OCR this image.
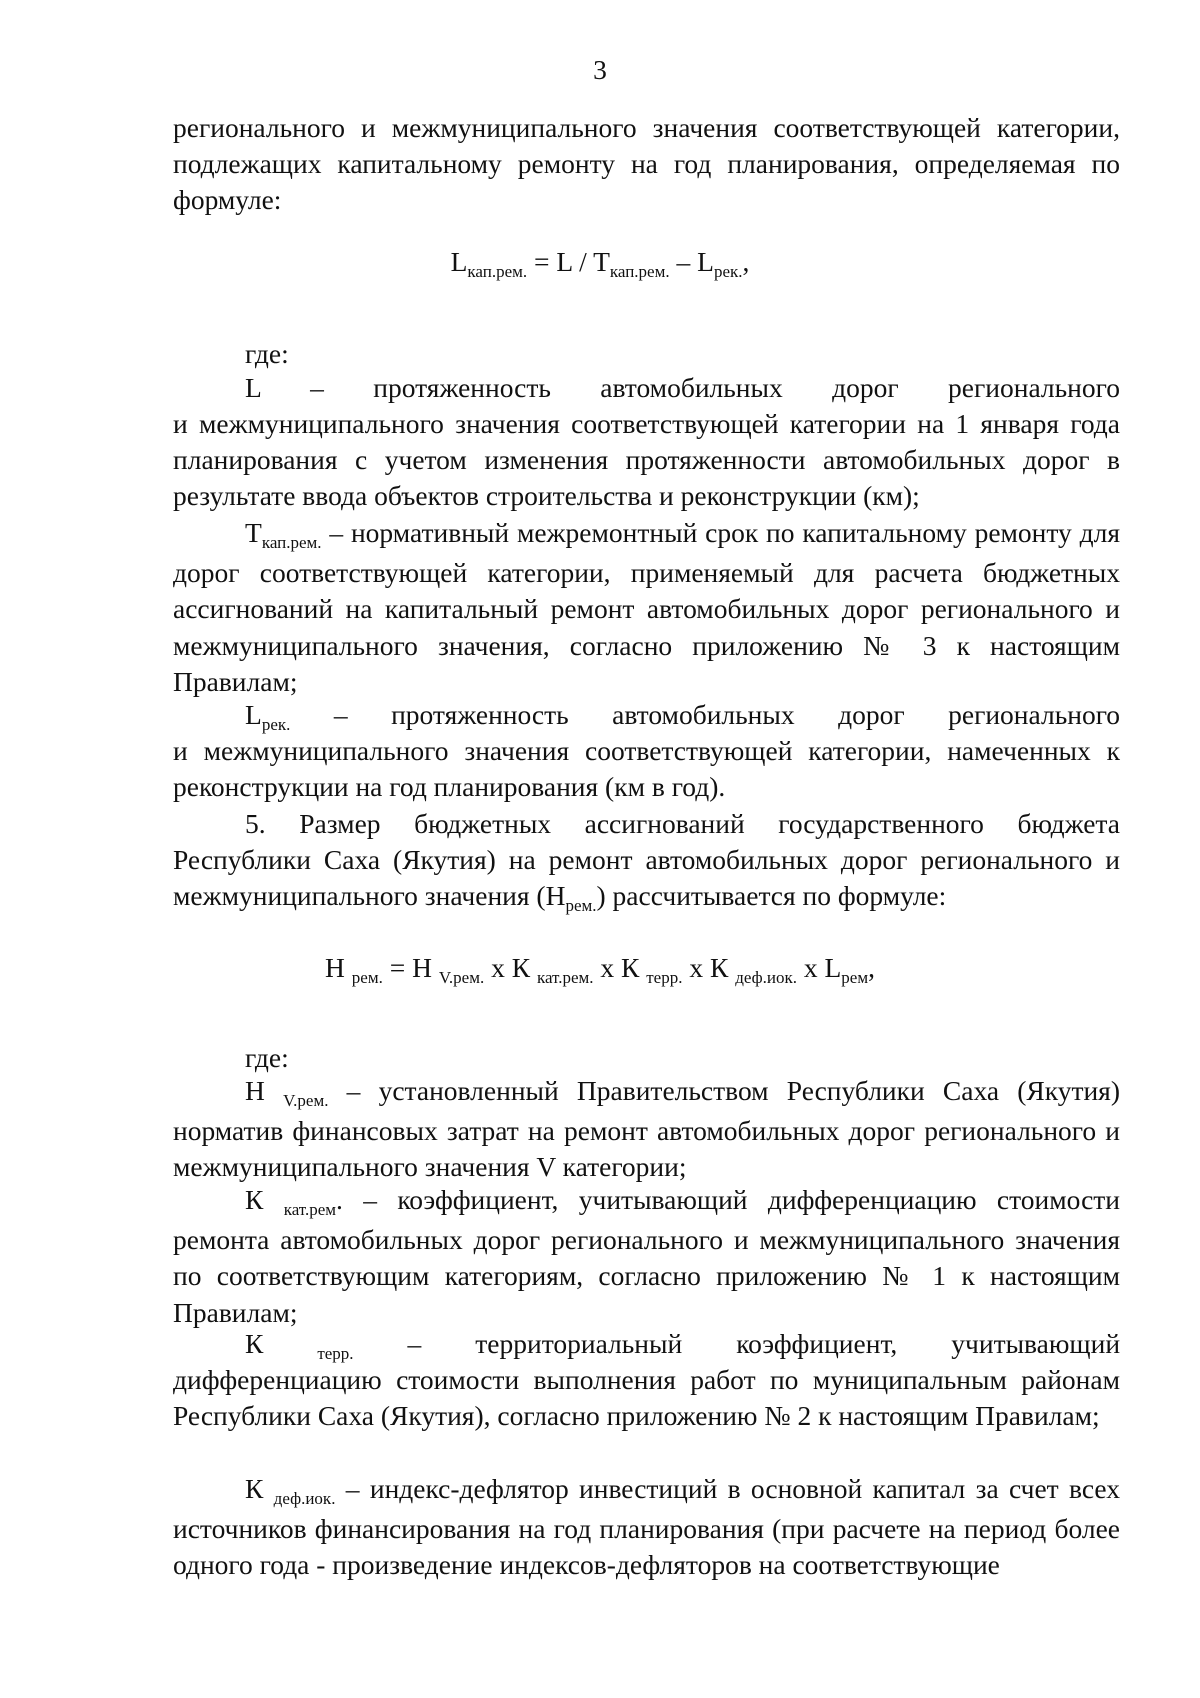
3
регионального и межмуниципального значения соответствующей категории, подлежащих капитальному ремонту на год планирования, определяемая по формуле:
$L_{кап.рем.} = L / T_{кап.рем.} - L_{рек.}$,
где:
L – протяженность автомобильных дорог регионального
и межмуниципального значения соответствующей категории на 1 января года планирования с учетом изменения протяженности автомобильных дорог в результате ввода объектов строительства и реконструкции (км);
$T_{кап.рем.}$ – нормативный межремонтный срок по капитальному ремонту для дорог соответствующей категории, применяемый для расчета бюджетных ассигнований на капитальный ремонт автомобильных дорог регионального и межмуниципального значения, согласно приложению № 3 к настоящим Правилам;
$L_{рек.}$ – протяженность автомобильных дорог регионального
и межмуниципального значения соответствующей категории, намеченных к реконструкции на год планирования (км в год).
5. Размер бюджетных ассигнований государственного бюджета Республики Саха (Якутия) на ремонт автомобильных дорог регионального и межмуниципального значения $(Н_{рем.})$ рассчитывается по формуле:
Н $_{рем.}$ = Н $_{V.рем.}$ х К $_{кат.рем.}$ х К $_{терр.}$ х К $_{деф.иок.}$ х $L_{рем}$,
где:
Н $_{V.рем.}$ – установленный Правительством Республики Саха (Якутия) норматив финансовых затрат на ремонт автомобильных дорог регионального и межмуниципального значения V категории;
К $_{кат.рем}$. – коэффициент, учитывающий дифференциацию стоимости ремонта автомобильных дорог регионального и межмуниципального значения по соответствующим категориям, согласно приложению № 1 к настоящим Правилам;
К	$_{терр.}$ – территориальный коэффициент, учитывающий
дифференциацию стоимости выполнения работ по муниципальным районам Республики Саха (Якутия), согласно приложению № 2 к настоящим Правилам;
К $_{деф.иок.}$ – индекс-дефлятор инвестиций в основной капитал за счет всех источников финансирования на год планирования (при расчете на период более одного года - произведение индексов-дефляторов на соответствующие
